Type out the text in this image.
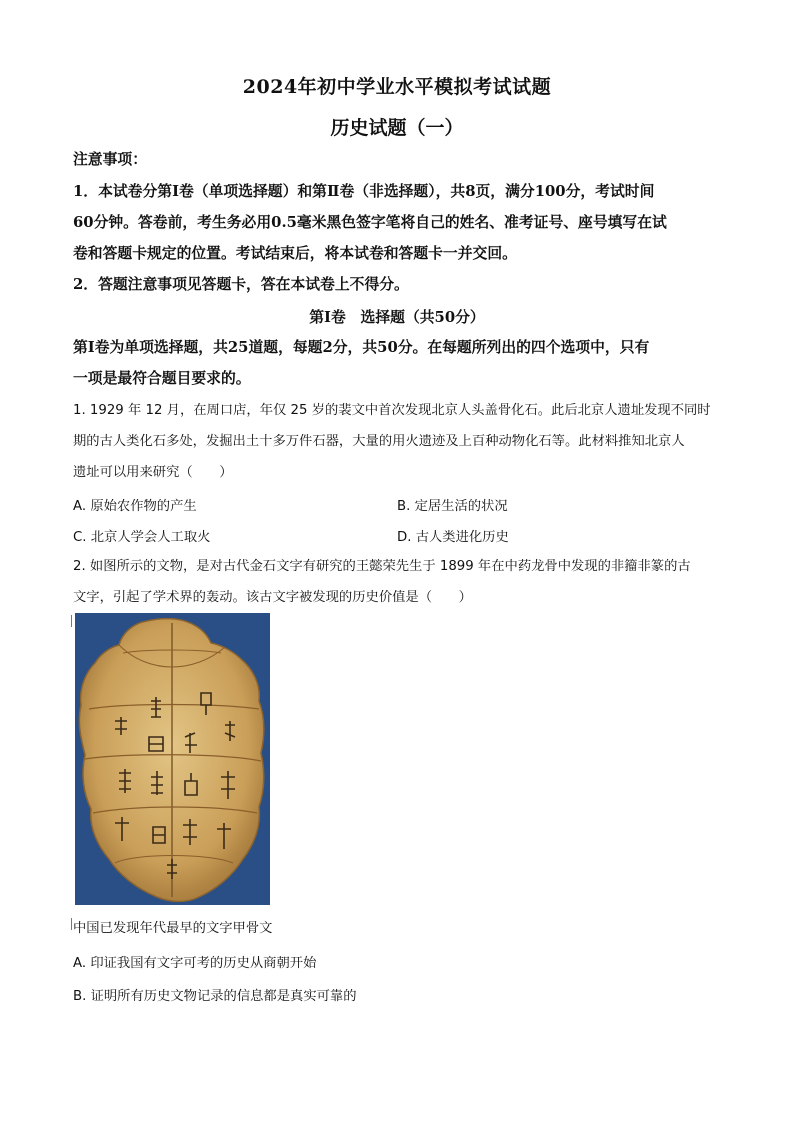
2024年初中学业水平模拟考试试题
历史试题（一）
注意事项：
1．本试卷分第Ⅰ卷（单项选择题）和第Ⅱ卷（非选择题），共8页，满分100分，考试时间
60分钟。答卷前，考生务必用0.5毫米黑色签字笔将自己的姓名、准考证号、座号填写在试
卷和答题卡规定的位置。考试结束后，将本试卷和答题卡一并交回。
2．答题注意事项见答题卡，答在本试卷上不得分。
第Ⅰ卷　选择题（共50分）
第Ⅰ卷为单项选择题，共25道题，每题2分，共50分。在每题所列出的四个选项中，只有
一项是最符合题目要求的。
1. 1929 年 12 月，在周口店，年仅 25 岁的裴文中首次发现北京人头盖骨化石。此后北京人遗址发现不同时
期的古人类化石多处，发掘出土十多万件石器，大量的用火遗迹及上百种动物化石等。此材料推知北京人
遗址可以用来研究（　　）
A. 原始农作物的产生	B. 定居生活的状况
C. 北京人学会人工取火	D. 古人类进化历史
2. 如图所示的文物，是对古代金石文字有研究的王懿荣先生于 1899 年在中药龙骨中发现的非籀非篆的古
文字，引起了学术界的轰动。该古文字被发现的历史价值是（　　）
中国已发现年代最早的文字甲骨文
A. 印证我国有文字可考的历史从商朝开始
B. 证明所有历史文物记录的信息都是真实可靠的
